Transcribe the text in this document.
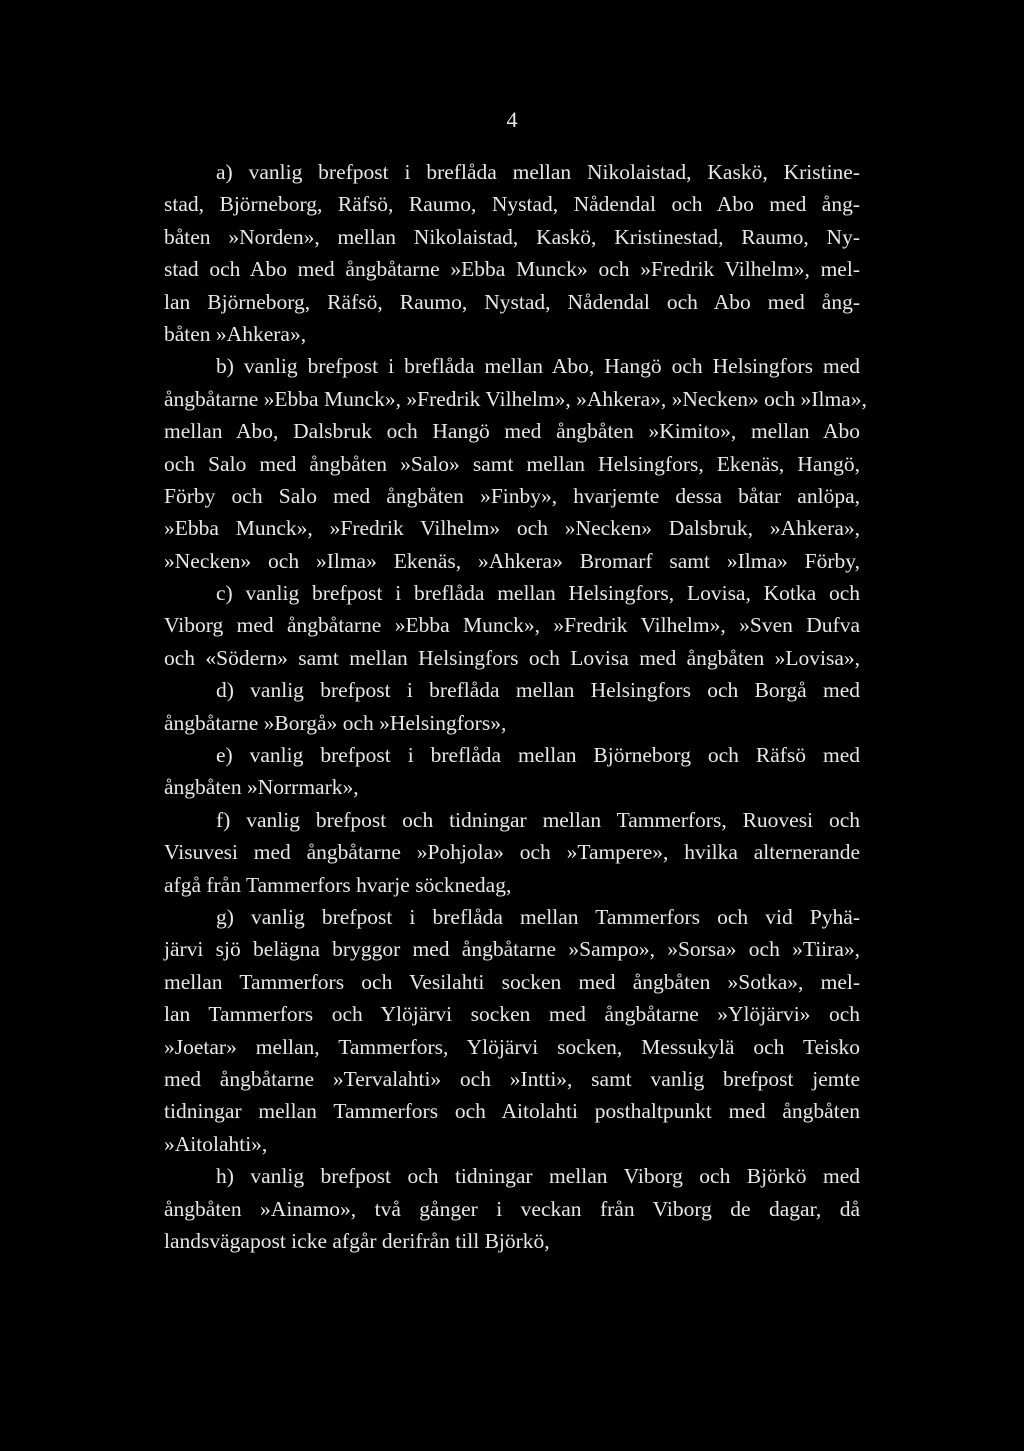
4
a) vanlig brefpost i breflåda mellan Nikolaistad, Kaskö, Kristine-
stad, Björneborg, Räfsö, Raumo, Nystad, Nådendal och Abo med ång-
båten »Norden», mellan Nikolaistad, Kaskö, Kristinestad, Raumo, Ny-
stad och Abo med ångbåtarne »Ebba Munck» och »Fredrik Vilhelm», mel-
lan Björneborg, Räfsö, Raumo, Nystad, Nådendal och Abo med ång-
båten »Ahkera»,
b) vanlig brefpost i breflåda mellan Abo, Hangö och Helsingfors med
ångbåtarne »Ebba Munck», »Fredrik Vilhelm», »Ahkera», »Necken» och »Ilma»,
mellan Abo, Dalsbruk och Hangö med ångbåten »Kimito», mellan Abo
och Salo med ångbåten »Salo» samt mellan Helsingfors, Ekenäs, Hangö,
Förby och Salo med ångbåten »Finby», hvarjemte dessa båtar anlöpa,
»Ebba Munck», »Fredrik Vilhelm» och »Necken» Dalsbruk, »Ahkera»,
»Necken» och »Ilma» Ekenäs, »Ahkera» Bromarf samt »Ilma» Förby,
c) vanlig brefpost i breflåda mellan Helsingfors, Lovisa, Kotka och
Viborg med ångbåtarne »Ebba Munck», »Fredrik Vilhelm», »Sven Dufva
och «Södern» samt mellan Helsingfors och Lovisa med ångbåten »Lovisa»,
d) vanlig brefpost i breflåda mellan Helsingfors och Borgå med
ångbåtarne »Borgå» och »Helsingfors»,
e) vanlig brefpost i breflåda mellan Björneborg och Räfsö med
ångbåten »Norrmark»,
f) vanlig brefpost och tidningar mellan Tammerfors, Ruovesi och
Visuvesi med ångbåtarne »Pohjola» och »Tampere», hvilka alternerande
afgå från Tammerfors hvarje söcknedag,
g) vanlig brefpost i breflåda mellan Tammerfors och vid Pyhä-
järvi sjö belägna bryggor med ångbåtarne »Sampo», »Sorsa» och »Tiira»,
mellan Tammerfors och Vesilahti socken med ångbåten »Sotka», mel-
lan Tammerfors och Ylöjärvi socken med ångbåtarne »Ylöjärvi» och
»Joetar» mellan, Tammerfors, Ylöjärvi socken, Messukylä och Teisko
med ångbåtarne »Tervalahti» och »Intti», samt vanlig brefpost jemte
tidningar mellan Tammerfors och Aitolahti posthaltpunkt med ångbåten
»Aitolahti»,
h) vanlig brefpost och tidningar mellan Viborg och Björkö med
ångbåten »Ainamo», två gånger i veckan från Viborg de dagar, då
landsvägapost icke afgår derifrån till Björkö,
